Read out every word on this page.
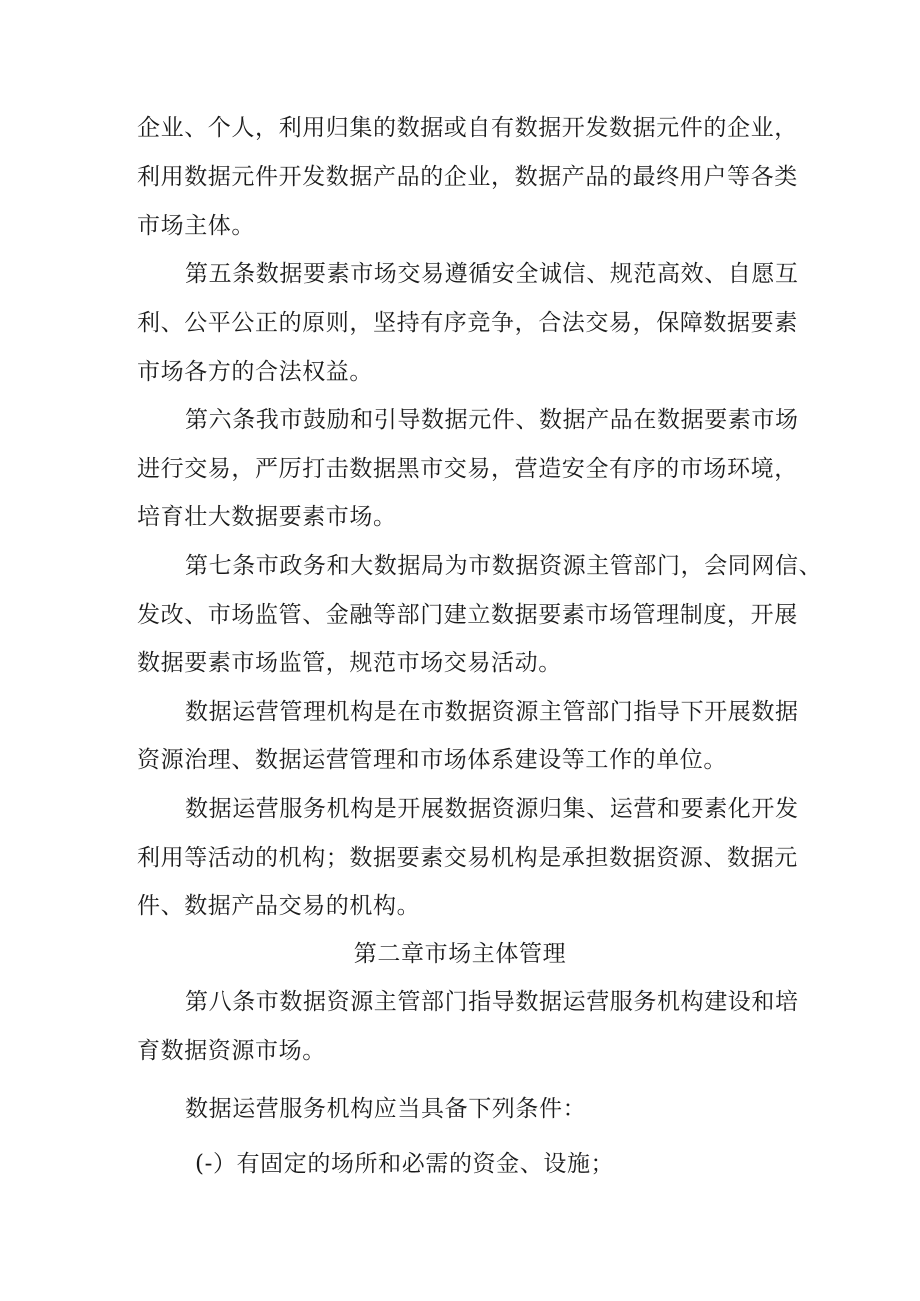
企业、个人，利用归集的数据或自有数据开发数据元件的企业，
利用数据元件开发数据产品的企业，数据产品的最终用户等各类
市场主体。
第五条数据要素市场交易遵循安全诚信、规范高效、自愿互
利、公平公正的原则，坚持有序竞争，合法交易，保障数据要素
市场各方的合法权益。
第六条我市鼓励和引导数据元件、数据产品在数据要素市场
进行交易，严厉打击数据黑市交易，营造安全有序的市场环境，
培育壮大数据要素市场。
第七条市政务和大数据局为市数据资源主管部门，会同网信、
发改、市场监管、金融等部门建立数据要素市场管理制度，开展
数据要素市场监管，规范市场交易活动。
数据运营管理机构是在市数据资源主管部门指导下开展数据
资源治理、数据运营管理和市场体系建设等工作的单位。
数据运营服务机构是开展数据资源归集、运营和要素化开发
利用等活动的机构；数据要素交易机构是承担数据资源、数据元
件、数据产品交易的机构。
第二章市场主体管理
第八条市数据资源主管部门指导数据运营服务机构建设和培
育数据资源市场。
数据运营服务机构应当具备下列条件：
(-）有固定的场所和必需的资金、设施；
